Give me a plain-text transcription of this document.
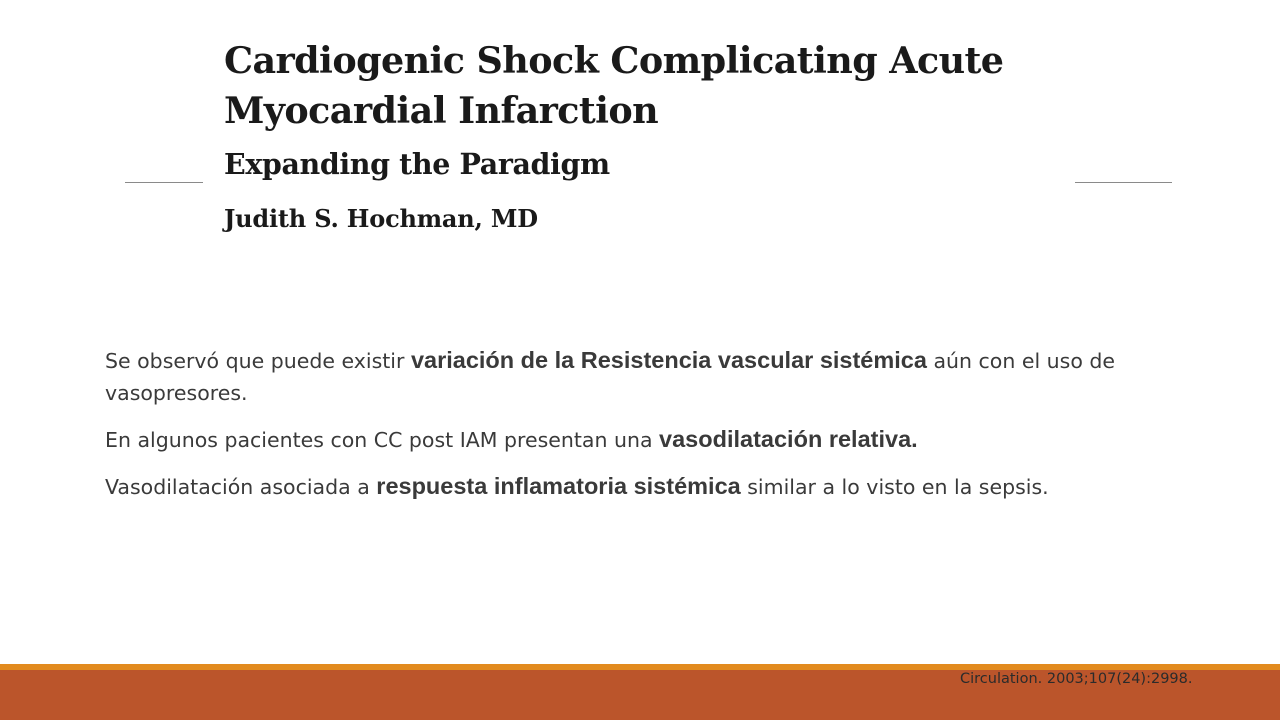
Cardiogenic Shock Complicating Acute
Myocardial Infarction
Expanding the Paradigm
Judith S. Hochman, MD

Se observó que puede existir variación de la Resistencia vascular sistémica aún con el uso de vasopresores.

En algunos pacientes con CC post IAM presentan una vasodilatación relativa.

Vasodilatación asociada a respuesta inflamatoria sistémica similar a lo visto en la sepsis.

Circulation. 2003;107(24):2998.
